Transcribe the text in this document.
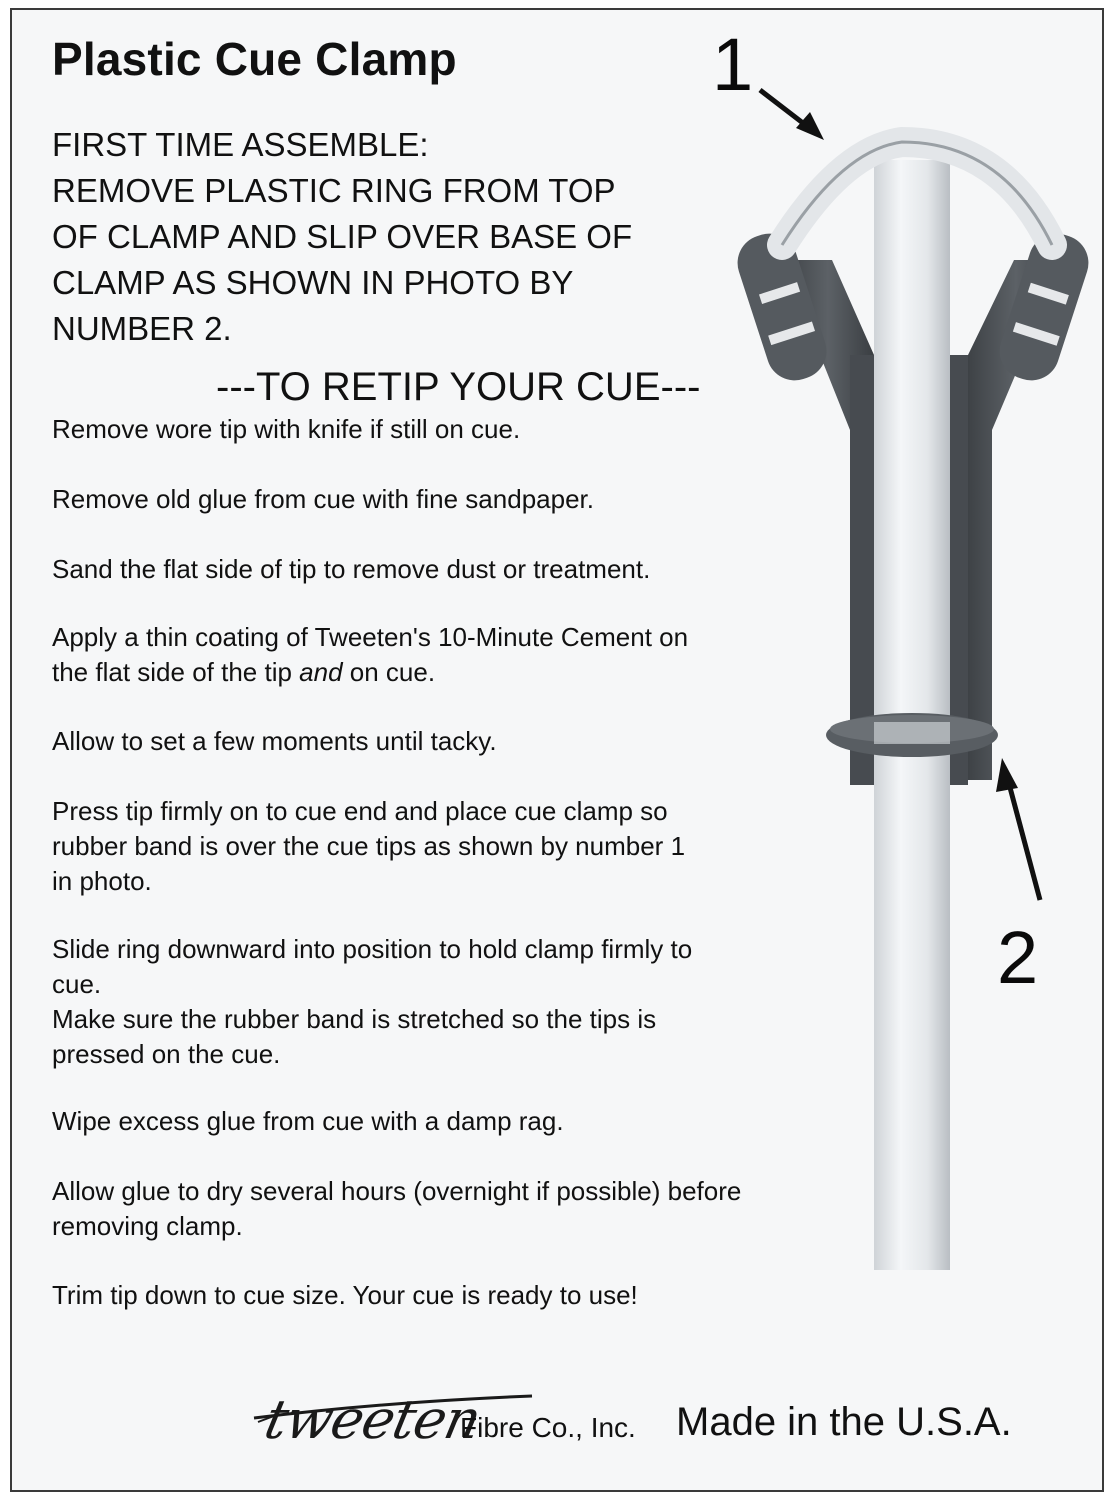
Plastic Cue Clamp
FIRST TIME ASSEMBLE:
REMOVE PLASTIC RING FROM TOP
OF CLAMP AND SLIP OVER BASE OF
CLAMP AS SHOWN IN PHOTO BY
NUMBER 2.
---TO RETIP YOUR CUE---
Remove wore tip with knife if still on cue.
Remove old glue from cue with fine sandpaper.
Sand the flat side of tip to remove dust or treatment.
Apply a thin coating of Tweeten's 10-Minute Cement on
the flat side of the tip and on cue.
Allow to set a few moments until tacky.
Press tip firmly on to cue end and place cue clamp so
rubber band is over the cue tips as shown by number 1
in photo.
Slide ring downward into position to hold clamp firmly to
cue.
Make sure the rubber band is stretched so the tips is
pressed on the cue.
Wipe excess glue from cue with a damp rag.
Allow glue to dry several hours (overnight if possible) before
removing clamp.
Trim tip down to cue size. Your cue is ready to use!
1
2
tweeten
Fibre Co., Inc. Made in the U.S.A.
